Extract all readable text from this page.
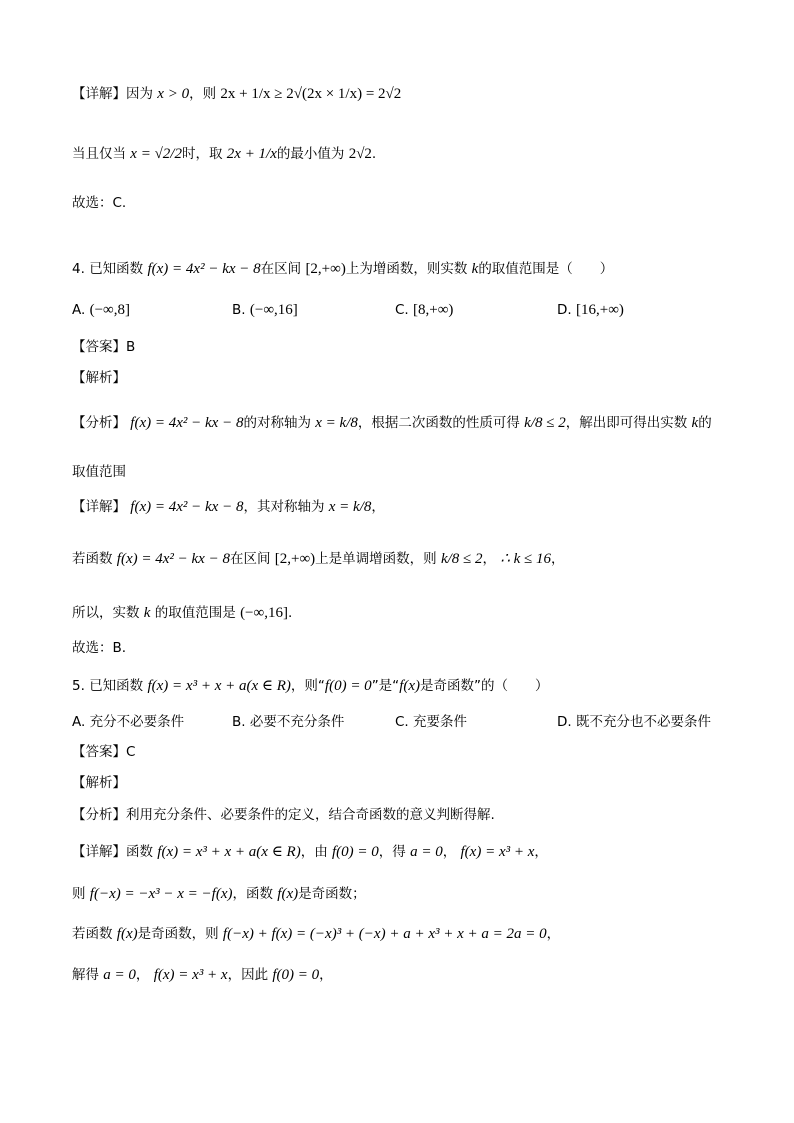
【详解】因为 x > 0，则 2x + 1/x ≥ 2√(2x × 1/x) = 2√2
当且仅当 x = √2/2时，取 2x + 1/x的最小值为 2√2.
故选：C.
4. 已知函数 f(x) = 4x² − kx − 8在区间 [2,+∞)上为增函数，则实数 k的取值范围是（　　）
A. (−∞,8]	B. (−∞,16]	C. [8,+∞)	D. [16,+∞)
【答案】B
【解析】
【分析】 f(x) = 4x² − kx − 8的对称轴为 x = k/8，根据二次函数的性质可得 k/8 ≤ 2，解出即可得出实数 k的
取值范围
【详解】 f(x) = 4x² − kx − 8，其对称轴为 x = k/8，
若函数 f(x) = 4x² − kx − 8在区间 [2,+∞)上是单调增函数，则 k/8 ≤ 2， ∴ k ≤ 16，
所以，实数 k 的取值范围是 (−∞,16].
故选：B.
5. 已知函数 f(x) = x³ + x + a(x ∈ R)，则“f(0) = 0”是“f(x)是奇函数”的（　　）
A. 充分不必要条件	B. 必要不充分条件	C. 充要条件	D. 既不充分也不必要条件
【答案】C
【解析】
【分析】利用充分条件、必要条件的定义，结合奇函数的意义判断得解.
【详解】函数 f(x) = x³ + x + a(x ∈ R)，由 f(0) = 0，得 a = 0， f(x) = x³ + x，
则 f(−x) = −x³ − x = −f(x)，函数 f(x)是奇函数；
若函数 f(x)是奇函数，则 f(−x) + f(x) = (−x)³ + (−x) + a + x³ + x + a = 2a = 0，
解得 a = 0， f(x) = x³ + x，因此 f(0) = 0，
